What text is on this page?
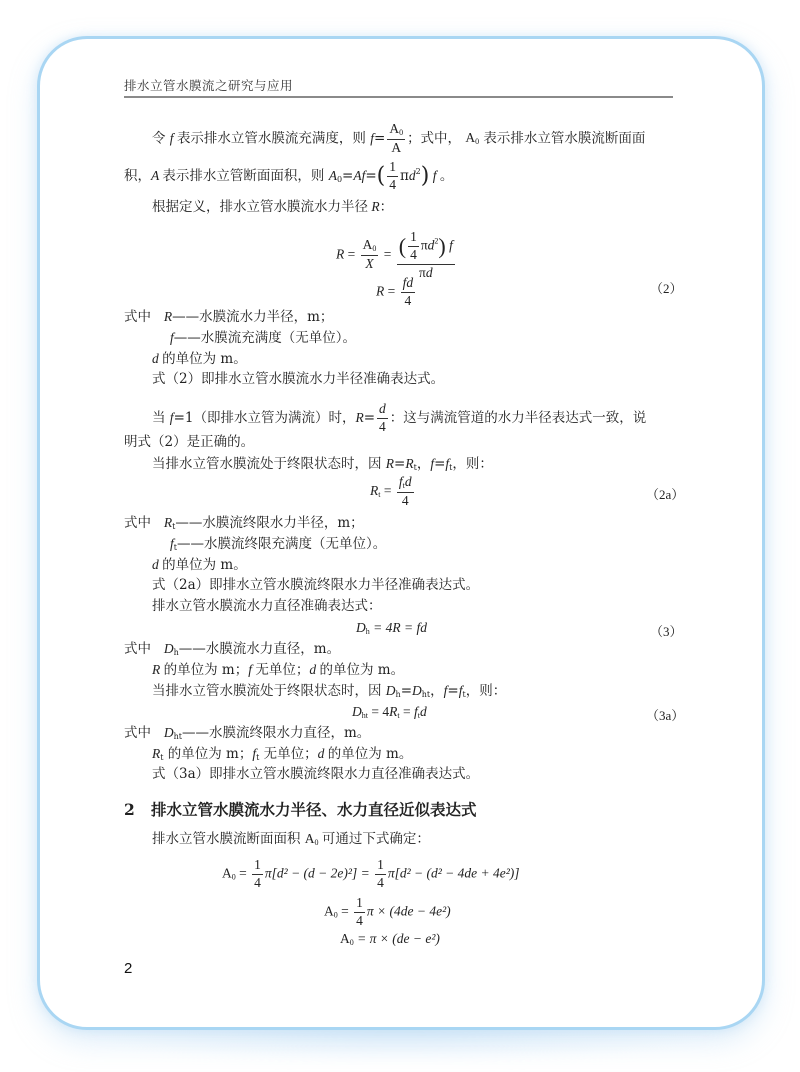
排水立管水膜流之研究与应用
令 f 表示排水立管水膜流充满度，则 $f= \frac{A_0}{A}$ ；式中， $A_0$ 表示排水立管水膜流断面面
积，A 表示排水立管断面面积，则 $A_0=Af=( \frac{1}{4} \pi d^2)$ f 。
根据定义，排水立管水膜流水力半径 R：
$R = \frac{A_0}{X} = \frac{( \frac{1}{4} \pi d^2) f}{\pi d}$
$R = \frac{fd}{4}$	（2）
式中 R——水膜流水力半径，m；
f——水膜流充满度（无单位）。
d 的单位为 m。
式（2）即排水立管水膜流水力半径准确表达式。
当 f=1（即排水立管为满流）时，$R= \frac{d}{4}$ ：这与满流管道的水力半径表达式一致，说
明式（2）是正确的。
当排水立管水膜流处于终限状态时，因 $R=R_t$，$f=f_t$，则：
$R_t = \frac{f_td}{4}$	（2a）
式中 $R_t——$水膜流终限水力半径，m；
$f_t——$水膜流终限充满度（无单位）。
d 的单位为 m。
式（2a）即排水立管水膜流终限水力半径准确表达式。
排水立管水膜流水力直径准确表达式：
$D_h = 4R$ = fd	（3）
式中 $D_h——$水膜流水力直径，m。
R 的单位为 m；f 无单位；d 的单位为 m。
当排水立管水膜流处于终限状态时，因 $D_h=D_{ht}$，$f=f_t$，则：
$D_{ht} = 4R_t = f_td$	（3a）
式中 $D_{ht}——$水膜流终限水力直径，m。
$R_t$ 的单位为 m；$f_t$ 无单位；d 的单位为 m。
式（3a）即排水立管水膜流终限水力直径准确表达式。
2 排水立管水膜流水力半径、水力直径近似表达式
排水立管水膜流断面面积 $A_0$ 可通过下式确定：
$A_0 = \frac{1}{4} \pi[d^2 - (d - 2e)^2] = \frac{1}{4} \pi[d^2 - (d^2 - 4de + 4e^2)]$
$A_0 = \frac{1}{4}$ π × (4de − 4e²)
$A_0 = \pi \times (de - e^2)$
2
